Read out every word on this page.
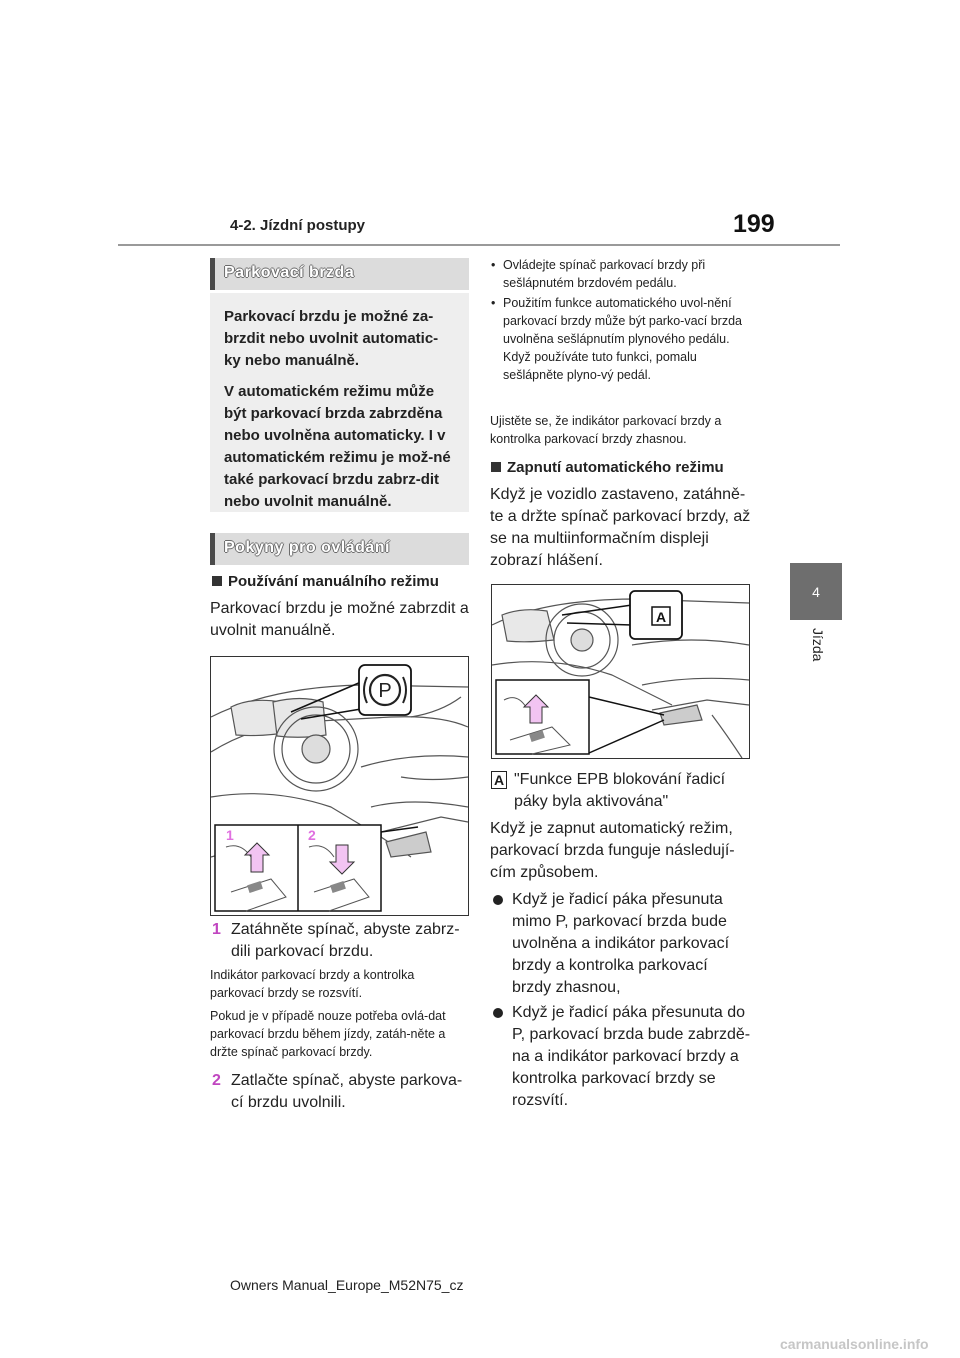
4-2. Jízdní postupy	199
4
Jízda
Parkovací brzda

Parkovací brzdu je možné za-brzdit nebo uvolnit automatic-ky nebo manuálně.

V automatickém režimu může být parkovací brzda zabrzděna nebo uvolněna automaticky. I v automatickém režimu je mož-né také parkovací brzdu zabrz-dit nebo uvolnit manuálně.

Pokyny pro ovládání
Používání manuálního režimu
Parkovací brzdu je možné zabrzdit a uvolnit manuálně.
P
1	2
1 Zatáhněte spínač, abyste zabrz-dili parkovací brzdu.
Indikátor parkovací brzdy a kontrolka parkovací brzdy se rozsvítí.
Pokud je v případě nouze potřeba ovlá-dat parkovací brzdu během jízdy, zatáh-něte a držte spínač parkovací brzdy.
2 Zatlačte spínač, abyste parkova-cí brzdu uvolnili.
• Ovládejte spínač parkovací brzdy při sešlápnutém brzdovém pedálu.
• Použitím funkce automatického uvol-nění parkovací brzdy může být parko-vací brzda uvolněna sešlápnutím plynového pedálu. Když používáte tuto funkci, pomalu sešlápněte plyno-vý pedál.
Ujistěte se, že indikátor parkovací brzdy a kontrolka parkovací brzdy zhasnou.
Zapnutí automatického režimu
Když je vozidlo zastaveno, zatáhně-te a držte spínač parkovací brzdy, až se na multiinformačním displeji zobrazí hlášení.
A
A "Funkce EPB blokování řadicí páky byla aktivována"
Když je zapnut automatický režim, parkovací brzda funguje následují-cím způsobem.
Když je řadicí páka přesunuta mimo P, parkovací brzda bude uvolněna a indikátor parkovací brzdy a kontrolka parkovací brzdy zhasnou,
Když je řadicí páka přesunuta do P, parkovací brzda bude zabrzdě-na a indikátor parkovací brzdy a kontrolka parkovací brzdy se rozsvítí.
Owners Manual_Europe_M52N75_cz
carmanualsonline.info
